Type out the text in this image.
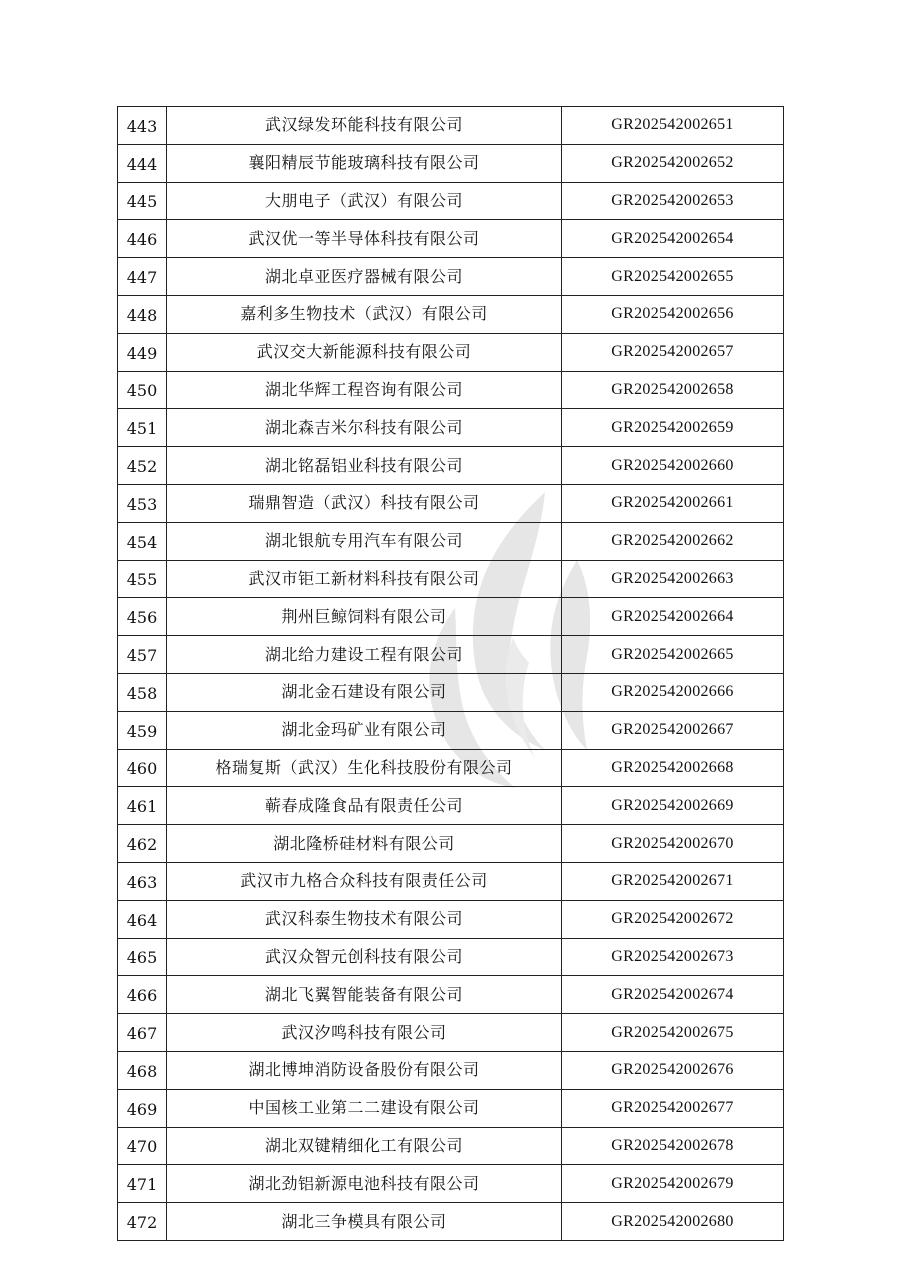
443	武汉绿发环能科技有限公司	GR202542002651
444	襄阳精辰节能玻璃科技有限公司	GR202542002652
445	大朋电子（武汉）有限公司	GR202542002653
446	武汉优一等半导体科技有限公司	GR202542002654
447	湖北卓亚医疗器械有限公司	GR202542002655
448	嘉利多生物技术（武汉）有限公司	GR202542002656
449	武汉交大新能源科技有限公司	GR202542002657
450	湖北华辉工程咨询有限公司	GR202542002658
451	湖北森吉米尔科技有限公司	GR202542002659
452	湖北铭磊铝业科技有限公司	GR202542002660
453	瑞鼎智造（武汉）科技有限公司	GR202542002661
454	湖北银航专用汽车有限公司	GR202542002662
455	武汉市钜工新材料科技有限公司	GR202542002663
456	荆州巨鲸饲料有限公司	GR202542002664
457	湖北给力建设工程有限公司	GR202542002665
458	湖北金石建设有限公司	GR202542002666
459	湖北金玛矿业有限公司	GR202542002667
460	格瑞复斯（武汉）生化科技股份有限公司	GR202542002668
461	蕲春成隆食品有限责任公司	GR202542002669
462	湖北隆桥硅材料有限公司	GR202542002670
463	武汉市九格合众科技有限责任公司	GR202542002671
464	武汉科泰生物技术有限公司	GR202542002672
465	武汉众智元创科技有限公司	GR202542002673
466	湖北飞翼智能装备有限公司	GR202542002674
467	武汉汐鸣科技有限公司	GR202542002675
468	湖北博坤消防设备股份有限公司	GR202542002676
469	中国核工业第二二建设有限公司	GR202542002677
470	湖北双键精细化工有限公司	GR202542002678
471	湖北劲铝新源电池科技有限公司	GR202542002679
472	湖北三争模具有限公司	GR202542002680
